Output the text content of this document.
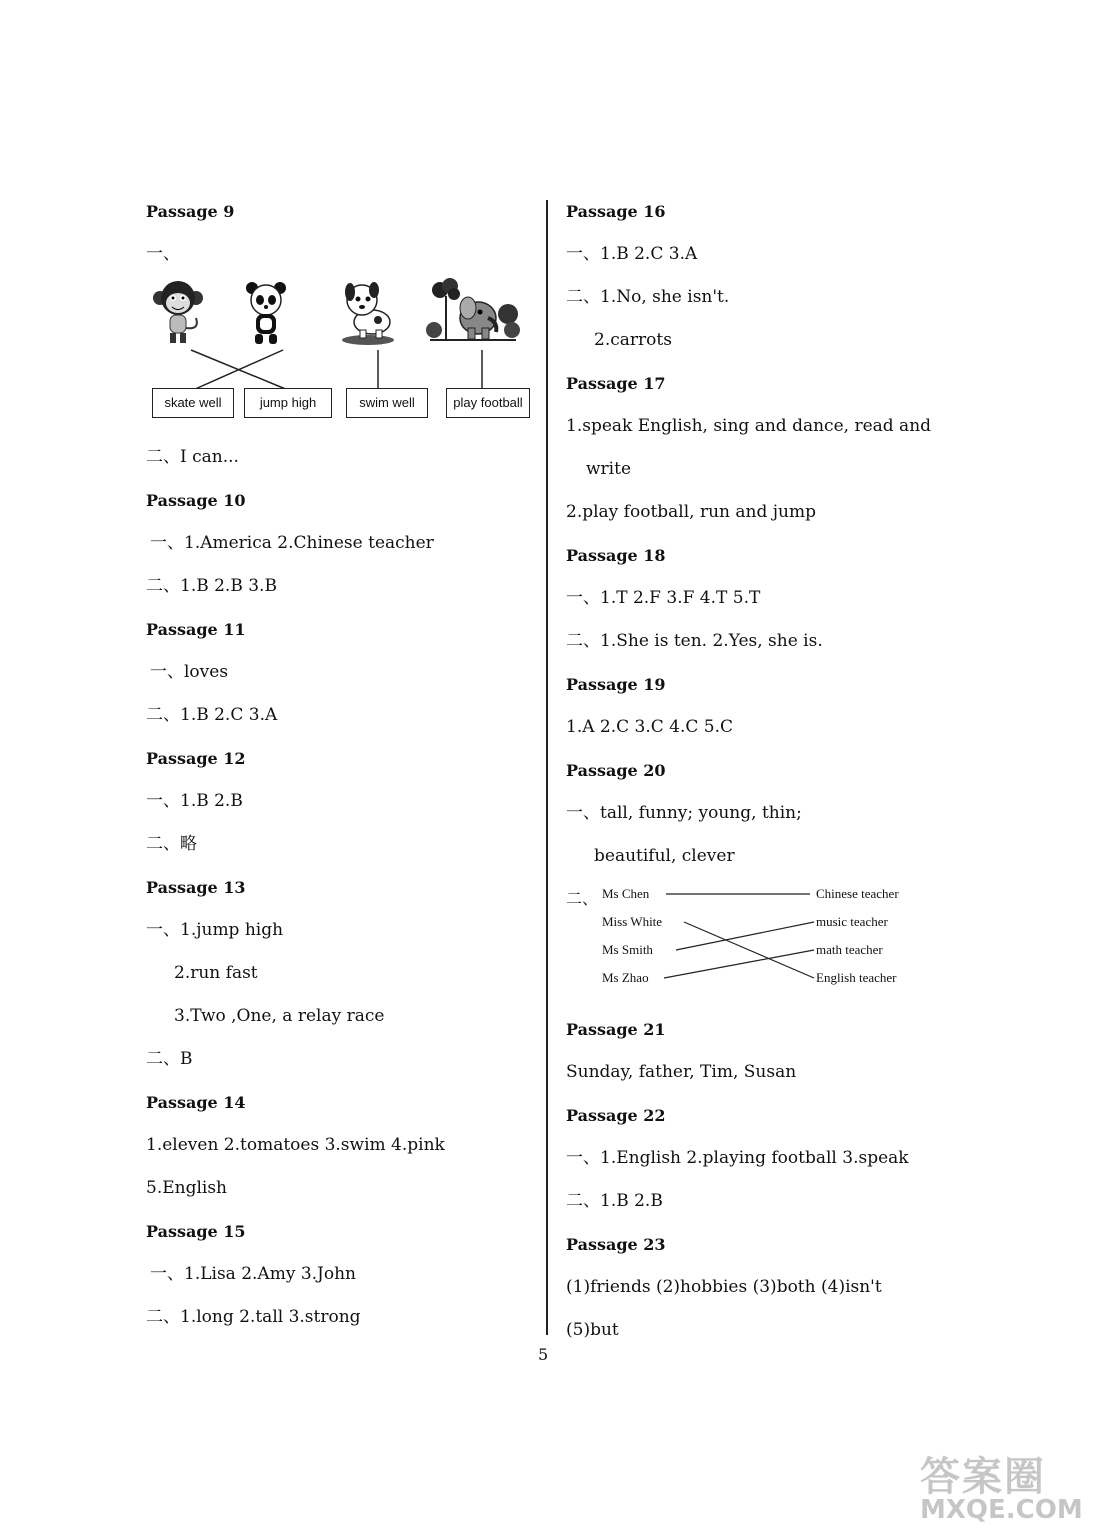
Passage 9
一、
skate well	jump high	swim well	play football
二、I can...
Passage 10
一、1.America 2.Chinese teacher
二、1.B 2.B 3.B
Passage 11
一、loves
二、1.B 2.C 3.A
Passage 12
一、1.B 2.B
二、略
Passage 13
一、1.jump high
2.run fast
3.Two ,One, a relay race
二、B
Passage 14
1.eleven 2.tomatoes 3.swim 4.pink
5.English
Passage 15
一、1.Lisa 2.Amy 3.John
二、1.long 2.tall 3.strong
Passage 16
一、1.B 2.C 3.A
二、1.No, she isn't.
2.carrots
Passage 17
1.speak English, sing and dance, read and
write
2.play football, run and jump
Passage 18
一、1.T 2.F 3.F 4.T 5.T
二、1.She is ten. 2.Yes, she is.
Passage 19
1.A 2.C 3.C 4.C 5.C
Passage 20
一、tall, funny; young, thin;
beautiful, clever
二、 Ms Chen
Miss White
Ms Smith
Ms Zhao
Chinese teacher
music teacher
math teacher
English teacher
Passage 21
Sunday, father, Tim, Susan
Passage 22
一、1.English 2.playing football 3.speak
二、1.B 2.B
Passage 23
(1)friends (2)hobbies (3)both (4)isn't
(5)but
5
答案圈
MXQE.COM
